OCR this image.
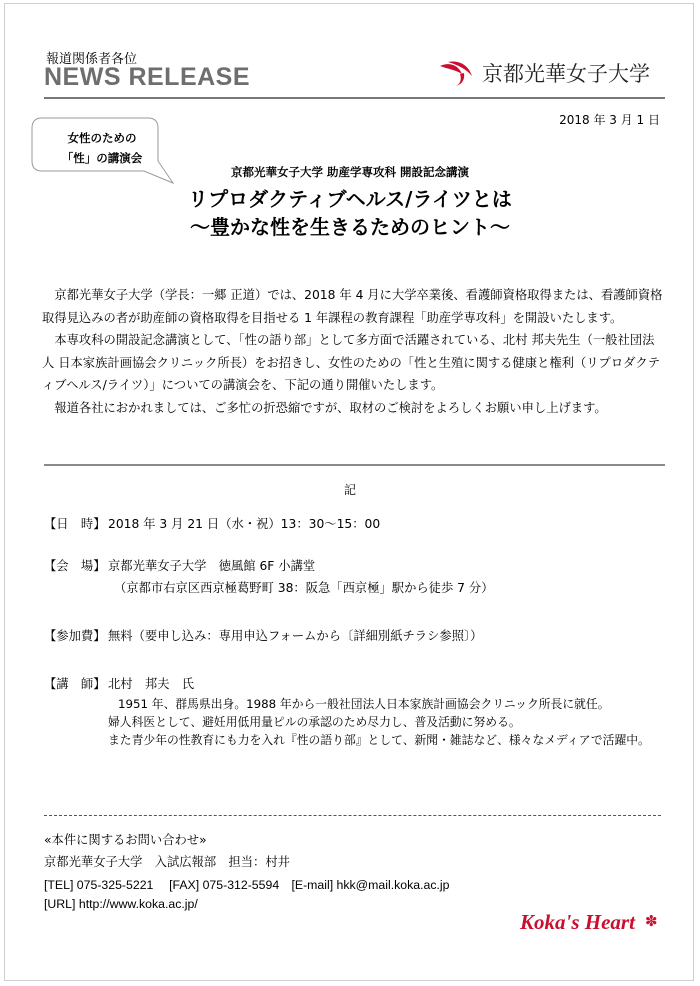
報道関係者各位
NEWS RELEASE	京都光華女子大学
2018 年 3 月 1 日
女性のための
「性」の講演会
京都光華女子大学 助産学専攻科 開設記念講演
リプロダクティブヘルス/ライツとは
～豊かな性を生きるためのヒント～
　京都光華女子大学（学長：一郷 正道）では、2018 年 4 月に大学卒業後、看護師資格取得または、看護師資格取得見込みの者が助産師の資格取得を目指せる 1 年課程の教育課程「助産学専攻科」を開設いたします。
　本専攻科の開設記念講演として、「性の語り部」として多方面で活躍されている、北村 邦夫先生（一般社団法人 日本家族計画協会クリニック所長）をお招きし、女性のための「性と生殖に関する健康と権利（リプロダクティブヘルス/ライツ）」についての講演会を、下記の通り開催いたします。
　報道各社におかれましては、ご多忙の折恐縮ですが、取材のご検討をよろしくお願い申し上げます。
記
【日　時】 2018 年 3 月 21 日（水・祝）13：30～15：00
【会　場】 京都光華女子大学　徳風館 6F 小講堂
（京都市右京区西京極葛野町 38：阪急「西京極」駅から徒歩 7 分）
【参加費】 無料（要申し込み：専用申込フォームから〔詳細別紙チラシ参照〕）
【講　師】 北村　邦夫　氏
1951 年、群馬県出身。1988 年から一般社団法人日本家族計画協会クリニック所長に就任。
婦人科医として、避妊用低用量ピルの承認のため尽力し、普及活動に努める。
また青少年の性教育にも力を入れ『性の語り部』として、新聞・雑誌など、様々なメディアで活躍中。
«本件に関するお問い合わせ»
京都光華女子大学　入試広報部　担当：村井
[TEL] 075-325-5221　 [FAX] 075-312-5594　[E-mail] hkk@mail.koka.ac.jp
[URL] http://www.koka.ac.jp/
Koka's Heart ✽
